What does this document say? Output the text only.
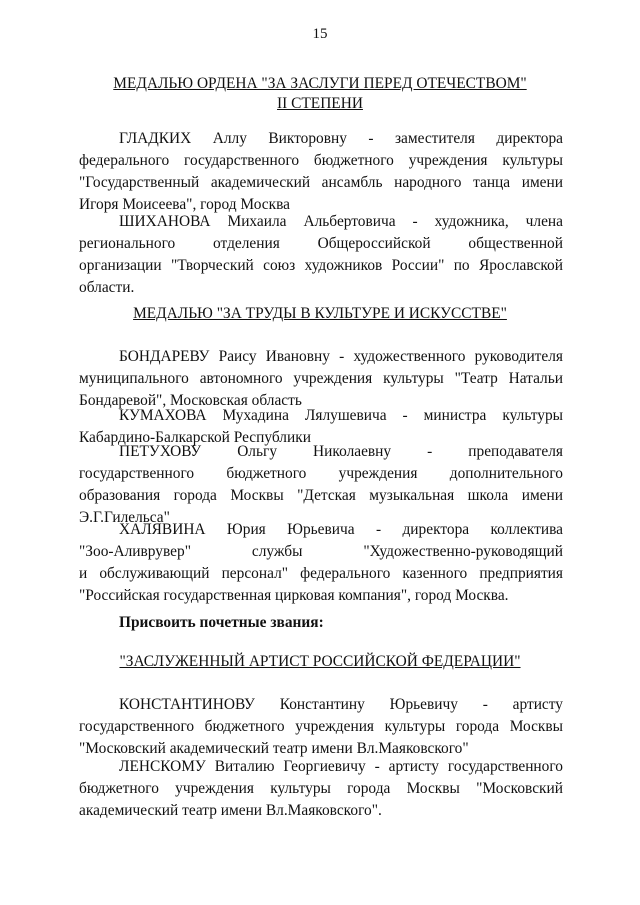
15
МЕДАЛЬЮ ОРДЕНА "ЗА ЗАСЛУГИ ПЕРЕД ОТЕЧЕСТВОМ"
II СТЕПЕНИ
ГЛАДКИХ Аллу Викторовну - заместителя директора
федерального государственного бюджетного учреждения культуры
"Государственный академический ансамбль народного танца имени
Игоря Моисеева", город Москва
ШИХАНОВА Михаила Альбертовича - художника, члена
регионального отделения Общероссийской общественной
организации "Творческий союз художников России" по Ярославской
области.
МЕДАЛЬЮ "ЗА ТРУДЫ В КУЛЬТУРЕ И ИСКУССТВЕ"
БОНДАРЕВУ Раису Ивановну - художественного руководителя
муниципального автономного учреждения культуры "Театр Натальи
Бондаревой", Московская область
КУМАХОВА Мухадина Лялушевича - министра культуры
Кабардино-Балкарской Республики
ПЕТУХОВУ Ольгу Николаевну - преподавателя
государственного бюджетного учреждения дополнительного
образования города Москвы "Детская музыкальная школа имени
Э.Г.Гилельса"
ХАЛЯВИНА Юрия Юрьевича - директора коллектива
"Зоо-Аливрувер" службы "Художественно-руководящий
и обслуживающий персонал" федерального казенного предприятия
"Российская государственная цирковая компания", город Москва.
Присвоить почетные звания:
"ЗАСЛУЖЕННЫЙ АРТИСТ РОССИЙСКОЙ ФЕДЕРАЦИИ"
КОНСТАНТИНОВУ Константину Юрьевичу - артисту
государственного бюджетного учреждения культуры города Москвы
"Московский академический театр имени Вл.Маяковского"
ЛЕНСКОМУ Виталию Георгиевичу - артисту государственного
бюджетного учреждения культуры города Москвы "Московский
академический театр имени Вл.Маяковского".
